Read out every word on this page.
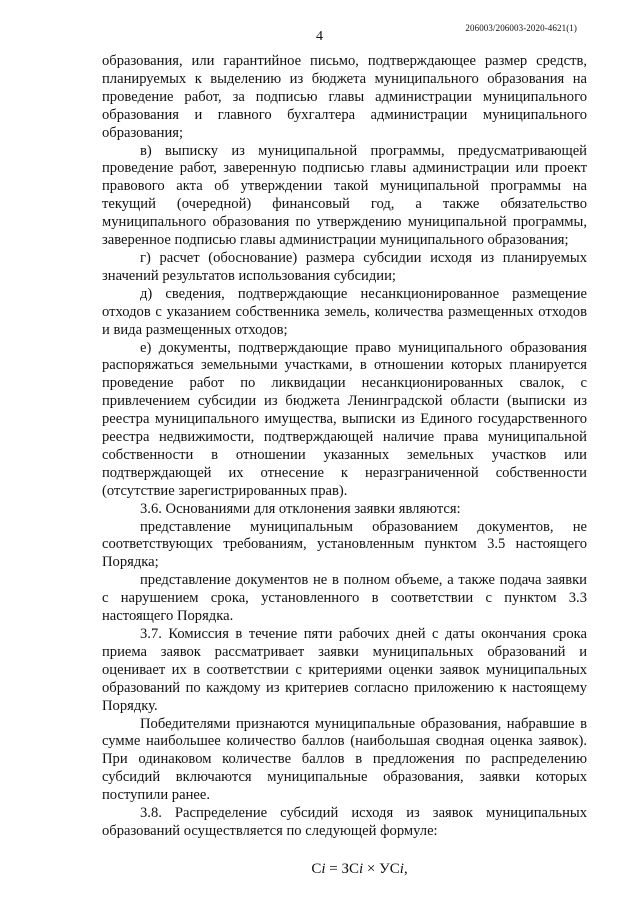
4
206003/206003-2020-4621(1)

образования, или гарантийное письмо, подтверждающее размер средств, планируемых к выделению из бюджета муниципального образования на проведение работ, за подписью главы администрации муниципального образования и главного бухгалтера администрации муниципального образования;

в) выписку из муниципальной программы, предусматривающей проведение работ, заверенную подписью главы администрации или проект правового акта об утверждении такой муниципальной программы на текущий (очередной) финансовый год, а также обязательство муниципального образования по утверждению муниципальной программы, заверенное подписью главы администрации муниципального образования;

г) расчет (обоснование) размера субсидии исходя из планируемых значений результатов использования субсидии;

д) сведения, подтверждающие несанкционированное размещение отходов с указанием собственника земель, количества размещенных отходов и вида размещенных отходов;

е) документы, подтверждающие право муниципального образования распоряжаться земельными участками, в отношении которых планируется проведение работ по ликвидации несанкционированных свалок, с привлечением субсидии из бюджета Ленинградской области (выписки из реестра муниципального имущества, выписки из Единого государственного реестра недвижимости, подтверждающей наличие права муниципальной собственности в отношении указанных земельных участков или подтверждающей их отнесение к неразграниченной собственности (отсутствие зарегистрированных прав).

3.6. Основаниями для отклонения заявки являются:

представление муниципальным образованием документов, не соответствующих требованиям, установленным пунктом 3.5 настоящего Порядка;

представление документов не в полном объеме, а также подача заявки с нарушением срока, установленного в соответствии с пунктом 3.3 настоящего Порядка.

3.7. Комиссия в течение пяти рабочих дней с даты окончания срока приема заявок рассматривает заявки муниципальных образований и оценивает их в соответствии с критериями оценки заявок муниципальных образований по каждому из критериев согласно приложению к настоящему Порядку.

Победителями признаются муниципальные образования, набравшие в сумме наибольшее количество баллов (наибольшая сводная оценка заявок). При одинаковом количестве баллов в предложения по распределению субсидий включаются муниципальные образования, заявки которых поступили ранее.

3.8. Распределение субсидий исходя из заявок муниципальных образований осуществляется по следующей формуле:

Сi = ЗСi × УСi,
